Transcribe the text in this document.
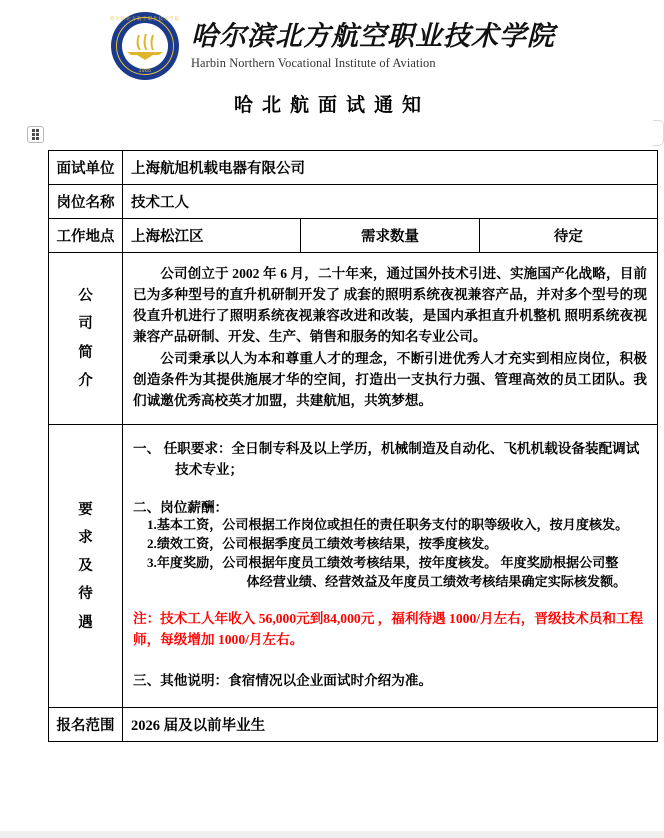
哈尔滨北方航空职业技术学院
1985
哈尔滨北方航空职业技术学院
Harbin Northern Vocational Institute of Aviation
哈北航面试通知
面试单位	上海航旭机载电器有限公司		
岗位名称	技术工人		
工作地点	上海松江区	需求数量	待定

公
司
简
介

公司创立于 2002 年 6 月，二十年来，通过国外技术引进、实施国产化战略，目前已为多种型号的直升机研制开发了 成套的照明系统夜视兼容产品，并对多个型号的现役直升机进行了照明系统夜视兼容改进和改装，是国内承担直升机整机 照明系统夜视兼容产品研制、开发、生产、销售和服务的知名专业公司。

公司秉承以人为本和尊重人才的理念，不断引进优秀人才充实到相应岗位，积极创造条件为其提供施展才华的空间，打造出一支执行力强、管理高效的员工团队。我们诚邀优秀高校英才加盟，共建航旭，共筑梦想。

要
求
及
待
遇

一、 任职要求：全日制专科及以上学历，机械制造及自动化、飞机机载设备装配调试
技术专业；

二、岗位薪酬：

1.基本工资，公司根据工作岗位或担任的责任职务支付的职等级收入，按月度核发。

2.绩效工资，公司根据季度员工绩效考核结果，按季度核发。

3.年度奖励，公司根据年度员工绩效考核结果，按年度核发。 年度奖励根据公司整
体经营业绩、经营效益及年度员工绩效考核结果确定实际核发额。

注：技术工人年收入 56,000元到84,000元 ，福利待遇 1000/月左右，晋级技术员和工程师，每级增加 1000/月左右。

三、其他说明：食宿情况以企业面试时介绍为准。

报名范围	2026 届及以前毕业生		
